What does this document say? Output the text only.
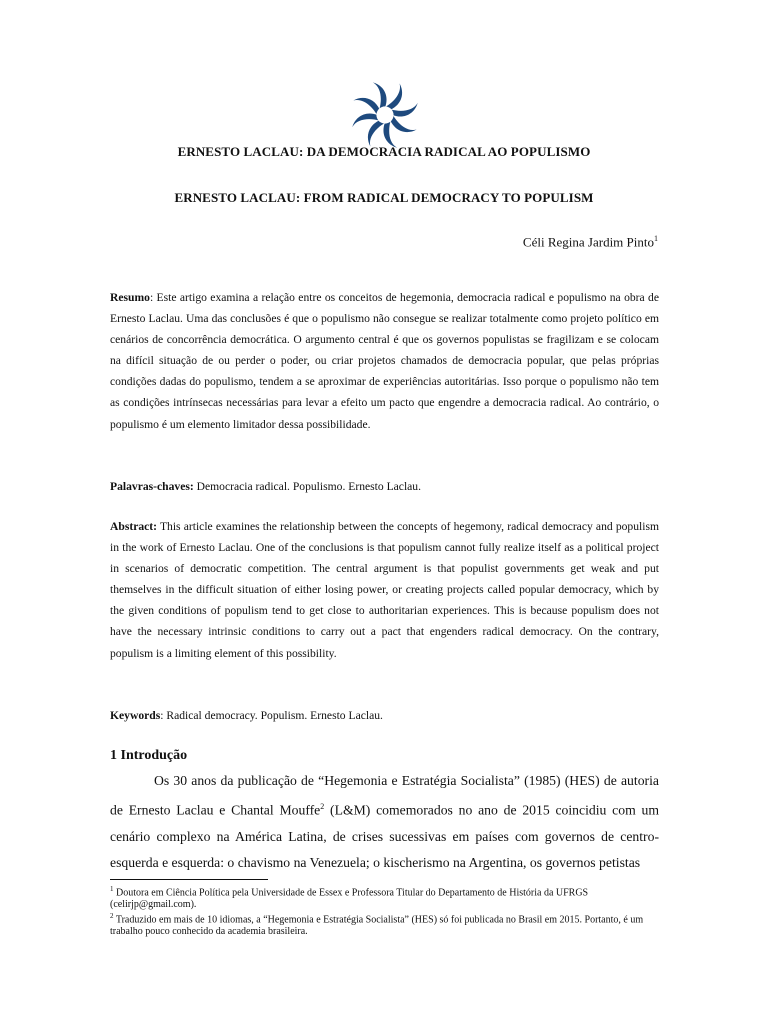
ERNESTO LACLAU: DA DEMOCRACIA RADICAL AO POPULISMO
ERNESTO LACLAU: FROM RADICAL DEMOCRACY TO POPULISM
Céli Regina Jardim Pinto$^1$

Resumo: Este artigo examina a relação entre os conceitos de hegemonia, democracia radical e populismo na obra de Ernesto Laclau. Uma das conclusões é que o populismo não consegue se realizar totalmente como projeto político em cenários de concorrência democrática. O argumento central é que os governos populistas se fragilizam e se colocam na difícil situação de ou perder o poder, ou criar projetos chamados de democracia popular, que pelas próprias condições dadas do populismo, tendem a se aproximar de experiências autoritárias. Isso porque o populismo não tem as condições intrínsecas necessárias para levar a efeito um pacto que engendre a democracia radical. Ao contrário, o populismo é um elemento limitador dessa possibilidade.

Palavras-chaves: Democracia radical. Populismo. Ernesto Laclau.

Abstract: This article examines the relationship between the concepts of hegemony, radical democracy and populism in the work of Ernesto Laclau. One of the conclusions is that populism cannot fully realize itself as a political project in scenarios of democratic competition. The central argument is that populist governments get weak and put themselves in the difficult situation of either losing power, or creating projects called popular democracy, which by the given conditions of populism tend to get close to authoritarian experiences. This is because populism does not have the necessary intrinsic conditions to carry out a pact that engenders radical democracy. On the contrary, populism is a limiting element of this possibility.

Keywords: Radical democracy. Populism. Ernesto Laclau.

1 Introdução

Os 30 anos da publicação de “Hegemonia e Estratégia Socialista” (1985) (HES) de autoria de Ernesto Laclau e Chantal Mouffe$^2$ (L&M) comemorados no ano de 2015 coincidiu com um cenário complexo na América Latina, de crises sucessivas em países com governos de centro-esquerda e esquerda: o chavismo na Venezuela; o kischerismo na Argentina, os governos petistas

$^1$ Doutora em Ciência Política pela Universidade de Essex e Professora Titular do Departamento de História da UFRGS (celirjp@gmail.com).

$^2$ Traduzido em mais de 10 idiomas, a “Hegemonia e Estratégia Socialista” (HES) só foi publicada no Brasil em 2015. Portanto, é um trabalho pouco conhecido da academia brasileira.
